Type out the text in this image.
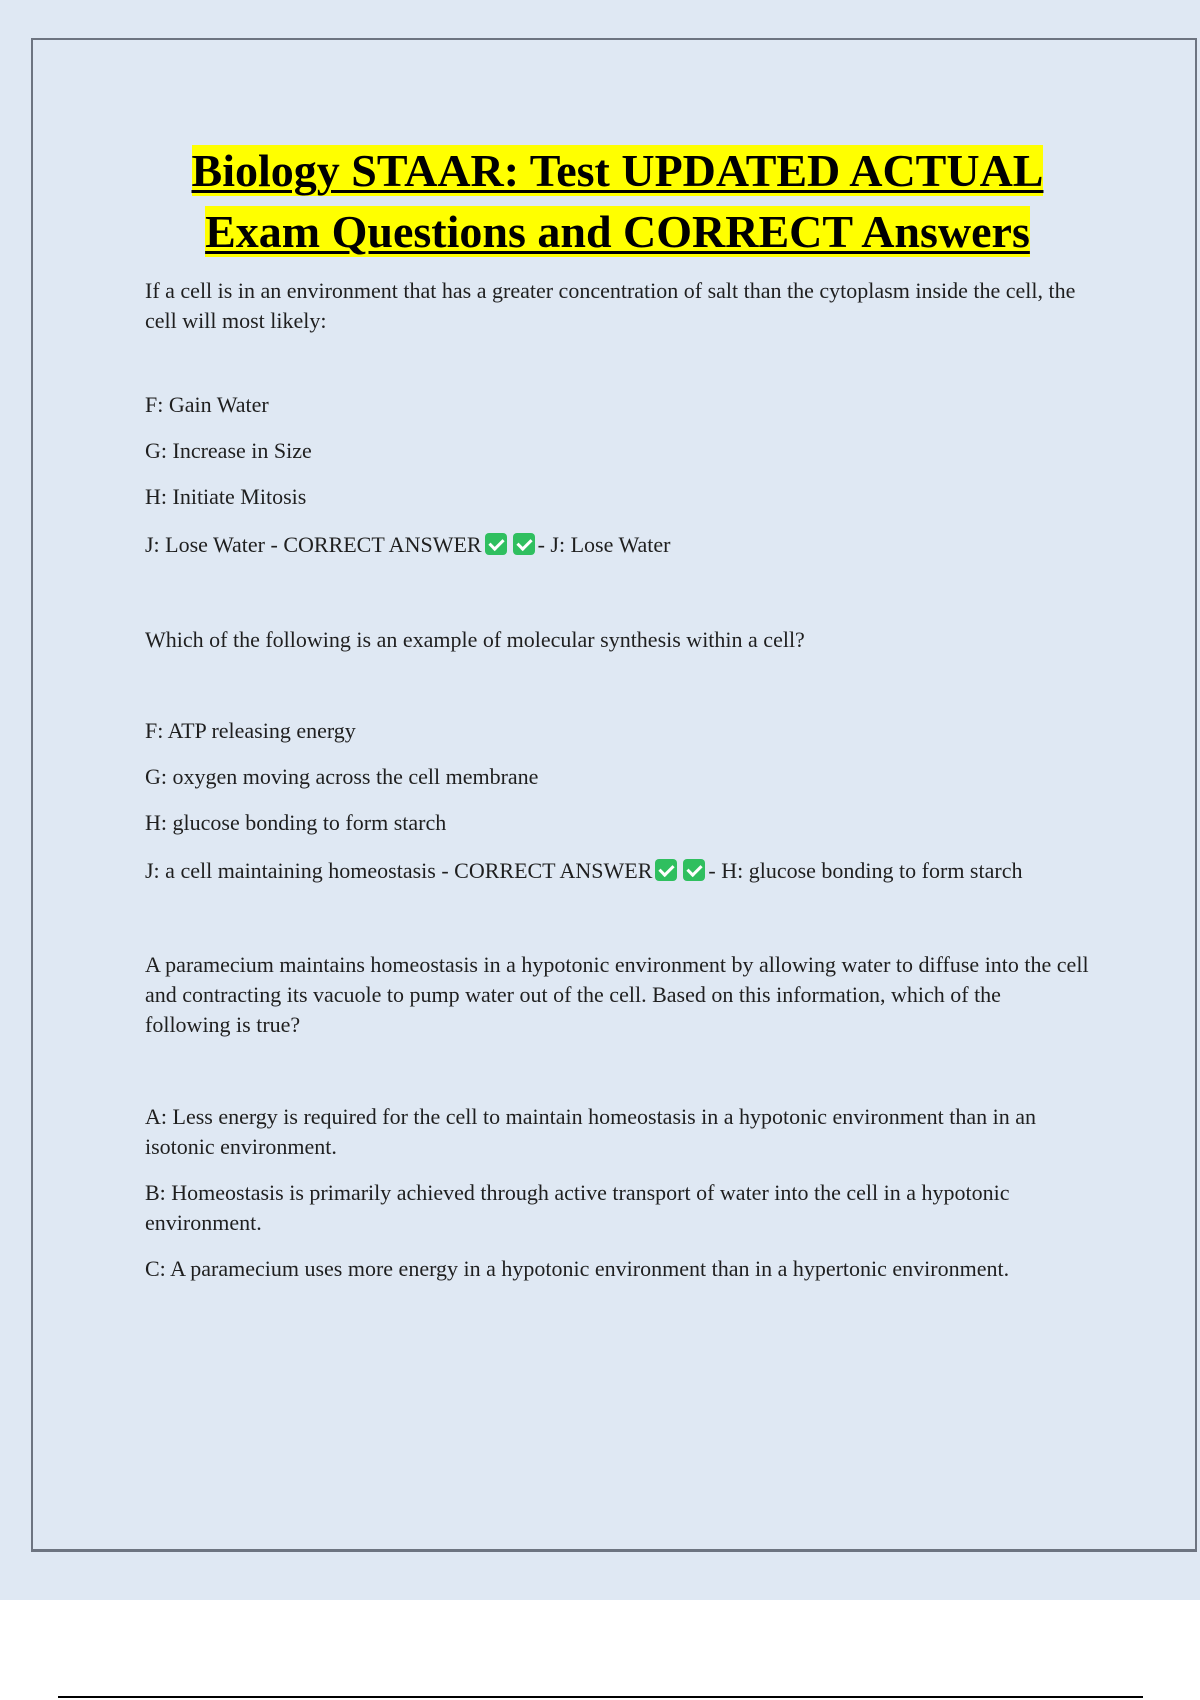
Biology STAAR: Test UPDATED ACTUAL
Exam Questions and CORRECT Answers

If a cell is in an environment that has a greater concentration of salt than the cytoplasm inside the cell, the cell will most likely:

F: Gain Water

G: Increase in Size

H: Initiate Mitosis

J: Lose Water - CORRECT ANSWER	- J: Lose Water

Which of the following is an example of molecular synthesis within a cell?

F: ATP releasing energy

G: oxygen moving across the cell membrane

H: glucose bonding to form starch

J: a cell maintaining homeostasis - CORRECT ANSWER	- H: glucose bonding to form starch

A paramecium maintains homeostasis in a hypotonic environment by allowing water to diffuse into the cell and contracting its vacuole to pump water out of the cell. Based on this information, which of the following is true?

A: Less energy is required for the cell to maintain homeostasis in a hypotonic environment than in an isotonic environment.

B: Homeostasis is primarily achieved through active transport of water into the cell in a hypotonic environment.

C: A paramecium uses more energy in a hypotonic environment than in a hypertonic environment.
